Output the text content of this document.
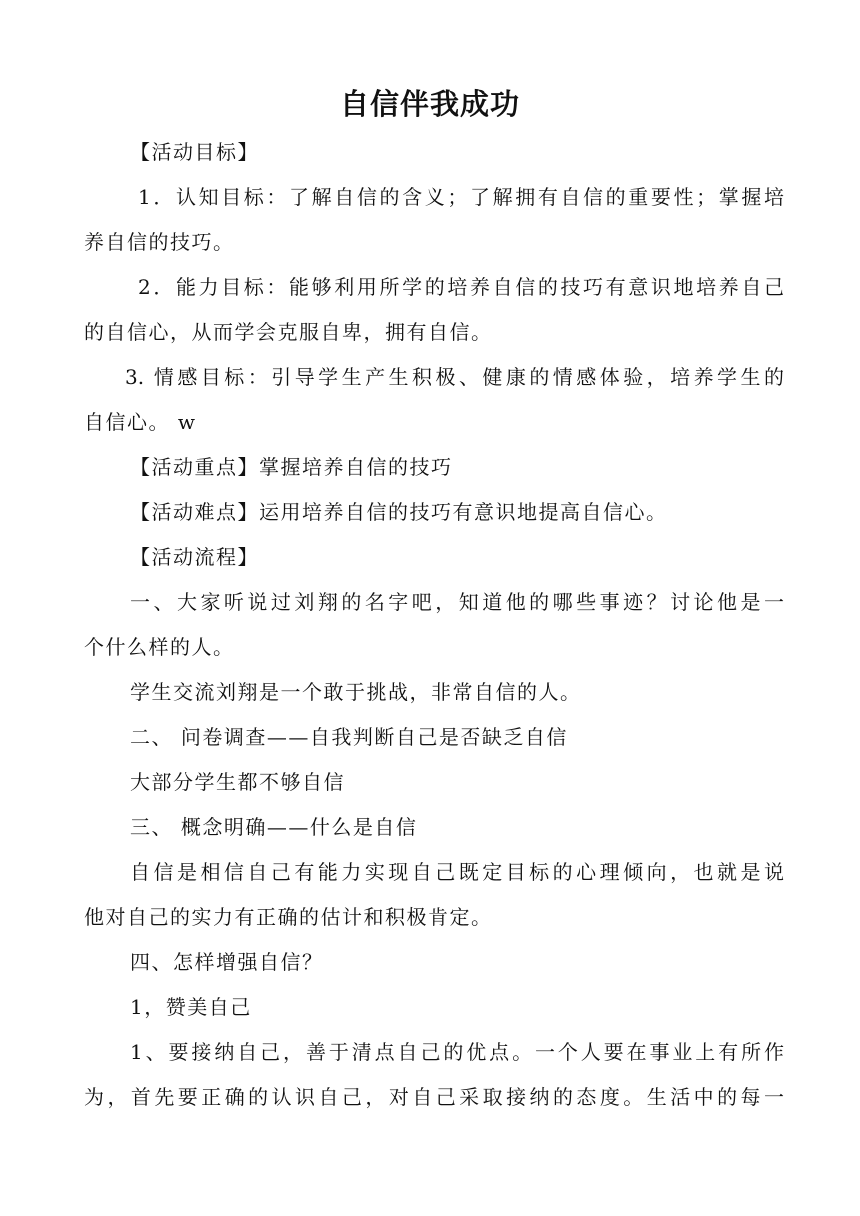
自信伴我成功
【活动目标】
1．认知目标：了解自信的含义；了解拥有自信的重要性；掌握培
养自信的技巧。
2．能力目标：能够利用所学的培养自信的技巧有意识地培养自己
的自信心，从而学会克服自卑，拥有自信。
3. 情感目标：引导学生产生积极、健康的情感体验，培养学生的
自信心。 w
【活动重点】掌握培养自信的技巧
【活动难点】运用培养自信的技巧有意识地提高自信心。
【活动流程】
一、大家听说过刘翔的名字吧，知道他的哪些事迹？讨论他是一
个什么样的人。
学生交流刘翔是一个敢于挑战，非常自信的人。
二、 问卷调查——自我判断自己是否缺乏自信
大部分学生都不够自信
三、 概念明确——什么是自信
自信是相信自己有能力实现自己既定目标的心理倾向，也就是说
他对自己的实力有正确的估计和积极肯定。
四、怎样增强自信？
1，赞美自己
1、要接纳自己，善于清点自己的优点。一个人要在事业上有所作
为，首先要正确的认识自己，对自己采取接纳的态度。生活中的每一
